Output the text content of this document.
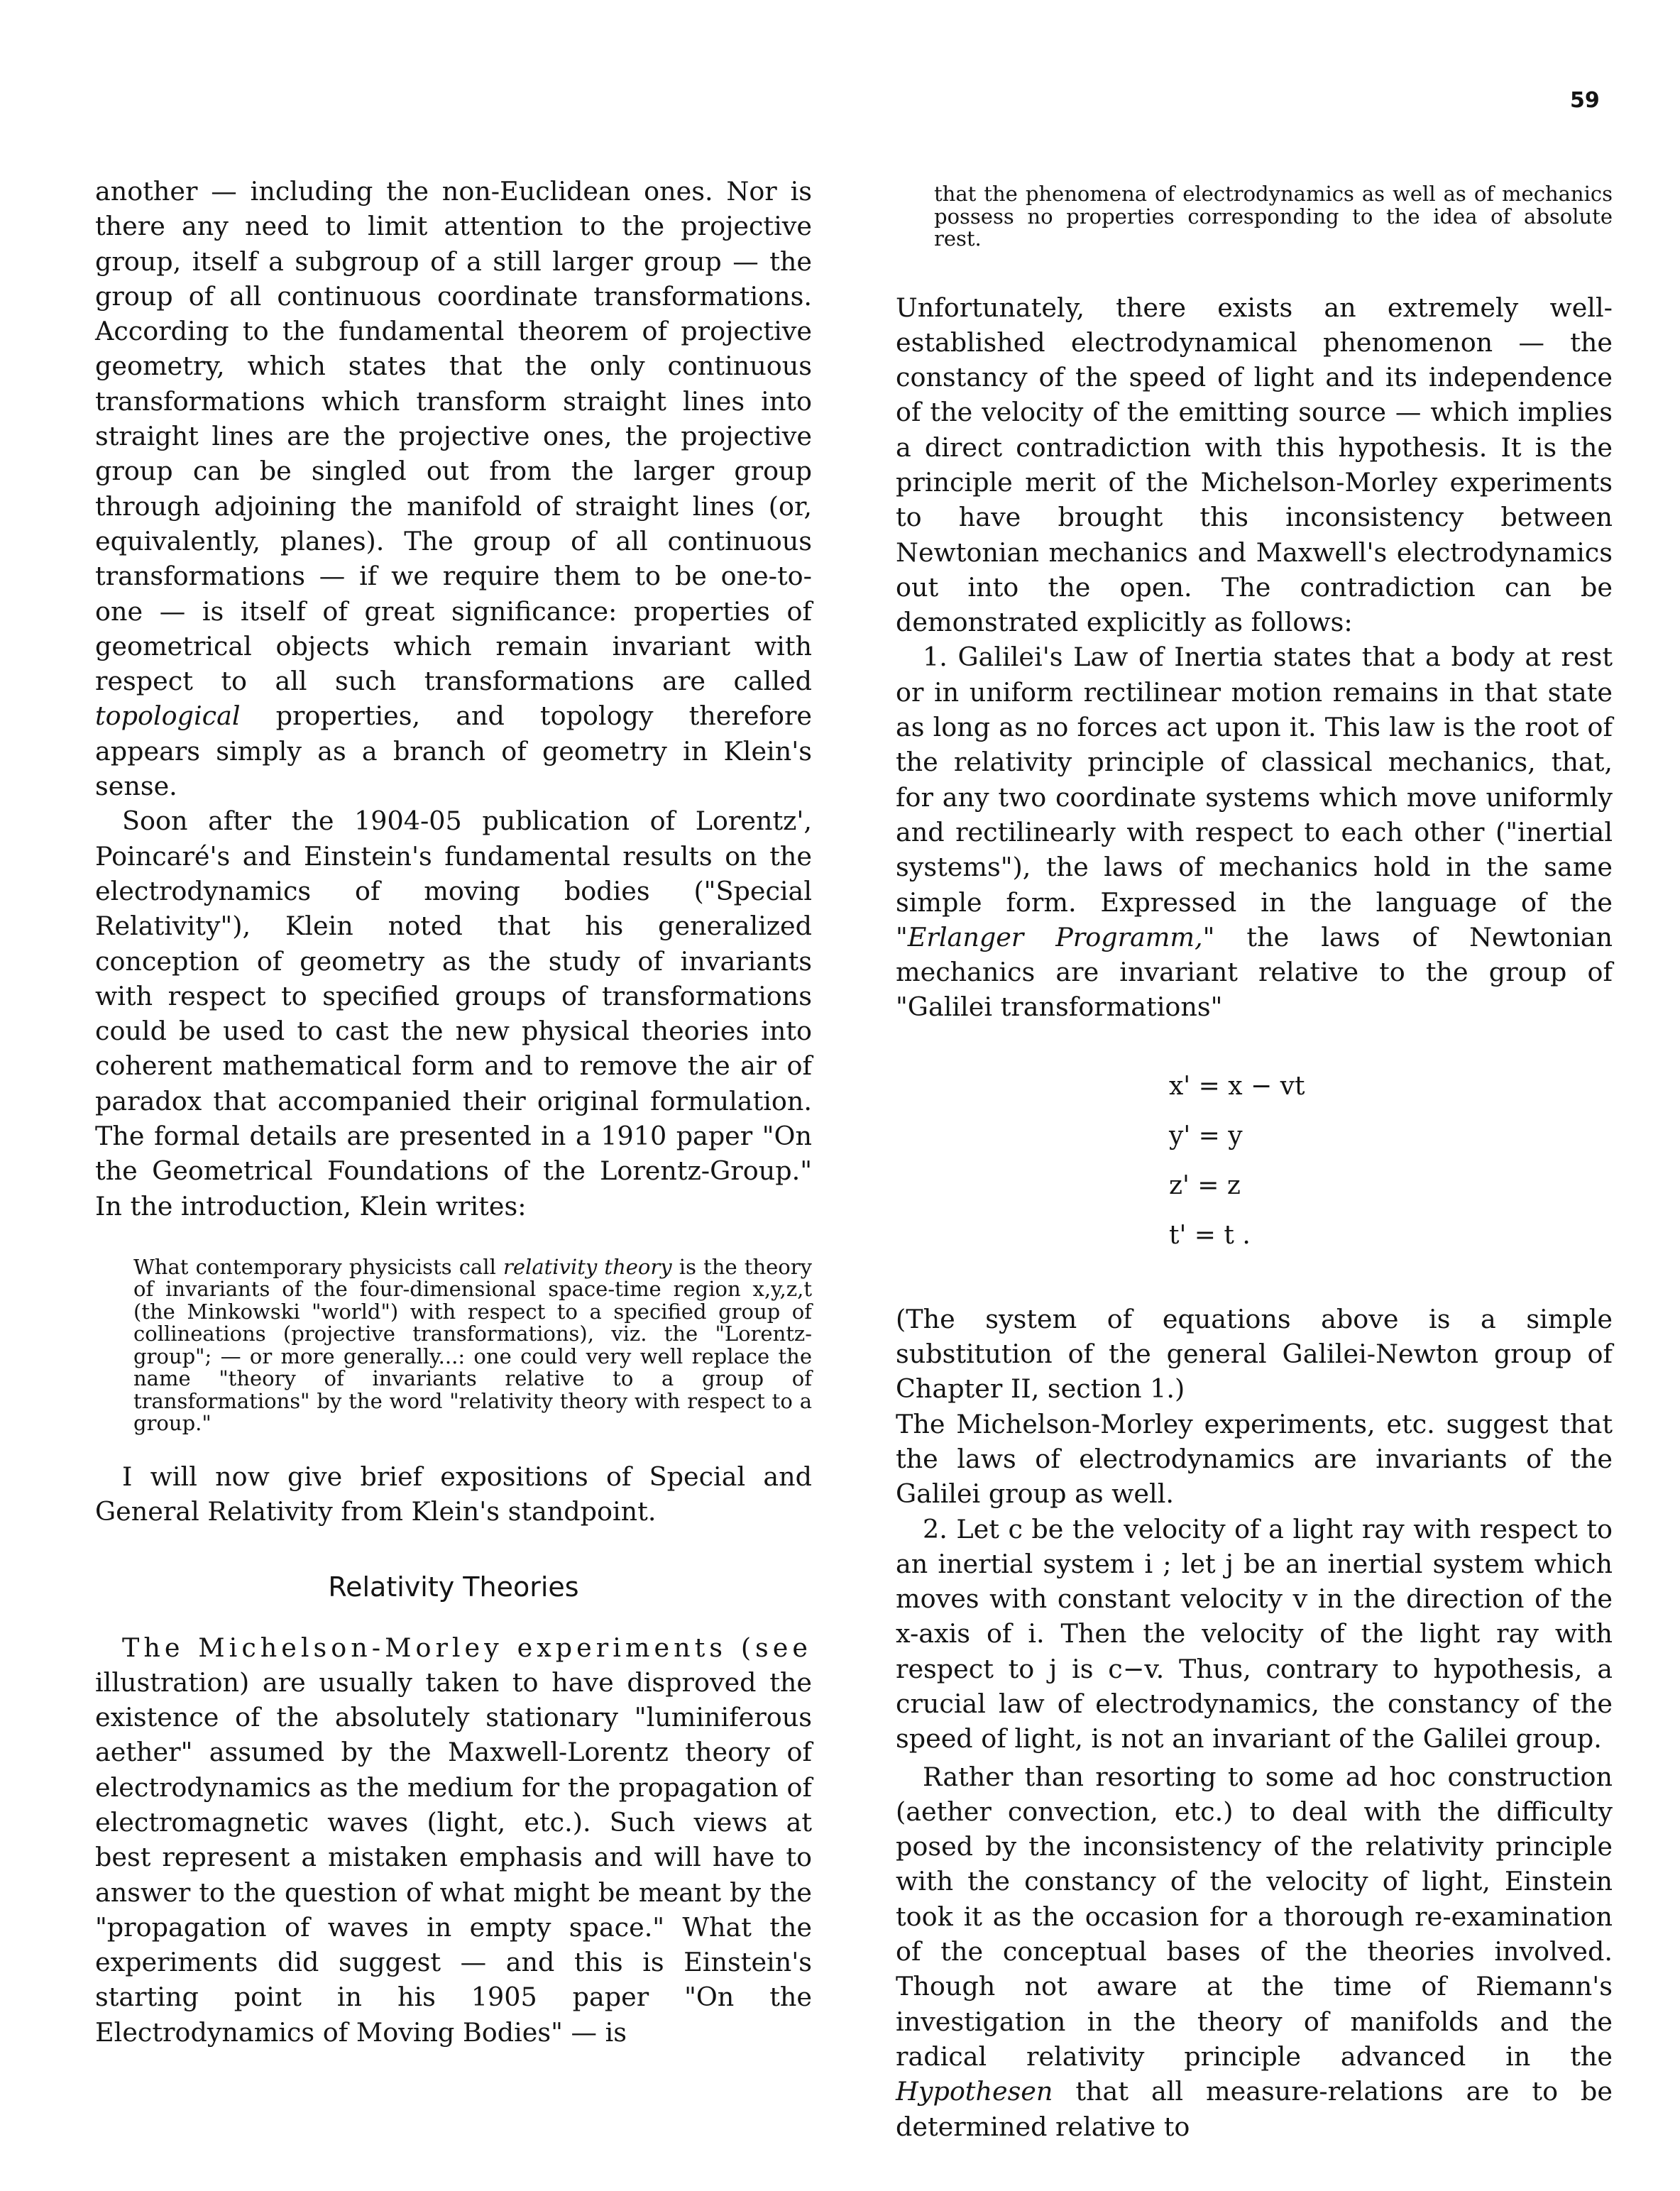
59

another — including the non-Euclidean ones. Nor is there any need to limit attention to the projective group, itself a subgroup of a still larger group — the group of all continuous coordinate transformations. According to the fundamental theorem of projective geometry, which states that the only continuous transformations which transform straight lines into straight lines are the projective ones, the projective group can be singled out from the larger group through adjoining the manifold of straight lines (or, equivalently, planes). The group of all continuous transformations — if we require them to be one-to-one — is itself of great significance: properties of geometrical objects which remain invariant with respect to all such transformations are called topological properties, and topology therefore appears simply as a branch of geometry in Klein's sense.

Soon after the 1904-05 publication of Lorentz', Poincaré's and Einstein's fundamental results on the electrodynamics of moving bodies ("Special Relativity"), Klein noted that his generalized conception of geometry as the study of invariants with respect to specified groups of transformations could be used to cast the new physical theories into coherent mathematical form and to remove the air of paradox that accompanied their original formulation. The formal details are presented in a 1910 paper "On the Geometrical Foundations of the Lorentz-Group." In the introduction, Klein writes:

What contemporary physicists call relativity theory is the theory of invariants of the four-dimensional space-time region x,y,z,t (the Minkowski "world") with respect to a specified group of collineations (projective transformations), viz. the "Lorentz-group"; — or more generally...: one could very well replace the name "theory of invariants relative to a group of transformations" by the word "relativity theory with respect to a group."

I will now give brief expositions of Special and General Relativity from Klein's standpoint.

Relativity Theories

The Michelson-Morley experiments (see illustration) are usually taken to have disproved the existence of the absolutely stationary "luminiferous aether" assumed by the Maxwell-Lorentz theory of electrodynamics as the medium for the propagation of electromagnetic waves (light, etc.). Such views at best represent a mistaken emphasis and will have to answer to the question of what might be meant by the "propagation of waves in empty space." What the experiments did suggest — and this is Einstein's starting point in his 1905 paper "On the Electrodynamics of Moving Bodies" — is

that the phenomena of electrodynamics as well as of mechanics possess no properties corresponding to the idea of absolute rest.

Unfortunately, there exists an extremely well-established electrodynamical phenomenon — the constancy of the speed of light and its independence of the velocity of the emitting source — which implies a direct contradiction with this hypothesis. It is the principle merit of the Michelson-Morley experiments to have brought this inconsistency between Newtonian mechanics and Maxwell's electrodynamics out into the open. The contradiction can be demonstrated explicitly as follows:

1. Galilei's Law of Inertia states that a body at rest or in uniform rectilinear motion remains in that state as long as no forces act upon it. This law is the root of the relativity principle of classical mechanics, that, for any two coordinate systems which move uniformly and rectilinearly with respect to each other ("inertial systems"), the laws of mechanics hold in the same simple form. Expressed in the language of the "Erlanger Programm," the laws of Newtonian mechanics are invariant relative to the group of "Galilei transformations"

x' = x − vt
y' = y
z' = z
t' = t .

(The system of equations above is a simple substitution of the general Galilei-Newton group of Chapter II, section 1.)

The Michelson-Morley experiments, etc. suggest that the laws of electrodynamics are invariants of the Galilei group as well.

2. Let c be the velocity of a light ray with respect to an inertial system i ; let j be an inertial system which moves with constant velocity v in the direction of the x-axis of i. Then the velocity of the light ray with respect to j is c−v. Thus, contrary to hypothesis, a crucial law of electrodynamics, the constancy of the speed of light, is not an invariant of the Galilei group.

Rather than resorting to some ad hoc construction (aether convection, etc.) to deal with the difficulty posed by the inconsistency of the relativity principle with the constancy of the velocity of light, Einstein took it as the occasion for a thorough re-examination of the conceptual bases of the theories involved. Though not aware at the time of Riemann's investigation in the theory of manifolds and the radical relativity principle advanced in the Hypothesen that all measure-relations are to be determined relative to
